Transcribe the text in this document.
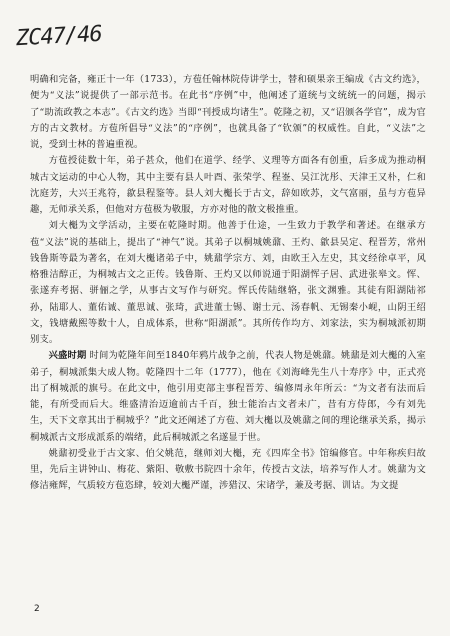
ZC47/46

明确和完备，雍正十一年（1733），方苞任翰林院侍讲学士，替和硕果亲王编成《古文约选》，便为“义法”说提供了一部示范书。在此书“序例”中，他阐述了道统与文统统一的问题，揭示了“助流政教之本志”。《古文约选》当即“刊授成均诸生”。乾隆之初，又“诏颁各学官”，成为官方的古文教材。方苞所倡导“义法”的“序例”，也就具备了“钦颁”的权威性。自此，“义法”之说，受到士林的普遍重视。

方苞授徒数十年，弟子甚众，他们在道学、经学、义理等方面各有创重，后多成为推动桐城古文运动的中心人物，其中主要有县人叶酉、张荣学、程崟、吴江沈彤、天津王又朴，仁和沈庭芳，大兴王兆符，歙县程鉴等。县人刘大櫆长于古文，辞如欧苏，文气富丽，虽与方苞异趣，无师承关系，但他对方苞极为敬服，方亦对他的散文极推重。

刘大櫆为文学活动，主要在乾隆时期。他善于仕途，一生致力于教学和著述。在继承方苞“义法”说的基础上，提出了“神气”说。其弟子以桐城姚鼐、王灼、歙县吴定、程晋芳，常州钱鲁斯等最为著名，在刘大櫆诸弟子中，姚鼐学宗方、刘，由欧王入左史，其文经徐卓平，风格雅洁醇正，为桐城古文之正传。钱鲁斯、王灼又以师说通于阳湖恽子居、武进张皋文。恽、张遂弃考据、骈俪之学，从事古文写作与研究。恽氏传陆继辂，张文渊雅。其徒有阳湖陆祁孙，陆耶人、董佑诚、董思诚、张琦，武进董士锡、谢士元、汤春帆、无锡秦小岘，山阴王绍文，钱塘戴熙等数十人，自成体系，世称“阳湖派”。其所传作均方、刘家法，实为桐城派初期别支。

兴盛时期 时间为乾隆年间至1840年鸦片战争之前，代表人物是姚鼐。姚鼐是刘大櫆的入室弟子，桐城派集大成人物。乾隆四十二年（1777），他在《刘海峰先生八十寿序》中，正式亮出了桐城派的旗号。在此文中，他引用吏部主事程晋芳、编修周永年所云：“为文者有法而后能，有所受而后大。维盛清治迈逾前古千百，独士能治古文者未广，昔有方侍郎，今有刘先生，天下文章其出于桐城乎？”此文还阐述了方苞、刘大櫆以及姚鼐之间的理论继承关系，揭示桐城派古文形成派系的端绪，此后桐城派之名遂显于世。

姚鼐初受业于古文家、伯父姚范，继师刘大櫆，充《四库全书》馆编修官。中年称疾归故里，先后主讲钟山、梅花、紫阳、敬敷书院四十余年，传授古文法，培养写作人才。姚鼐为文修洁雍辉，气质较方苞恣肆，较刘大櫆严谨，涉猎汉、宋诸学，兼及考据、训诂。为文提

2
